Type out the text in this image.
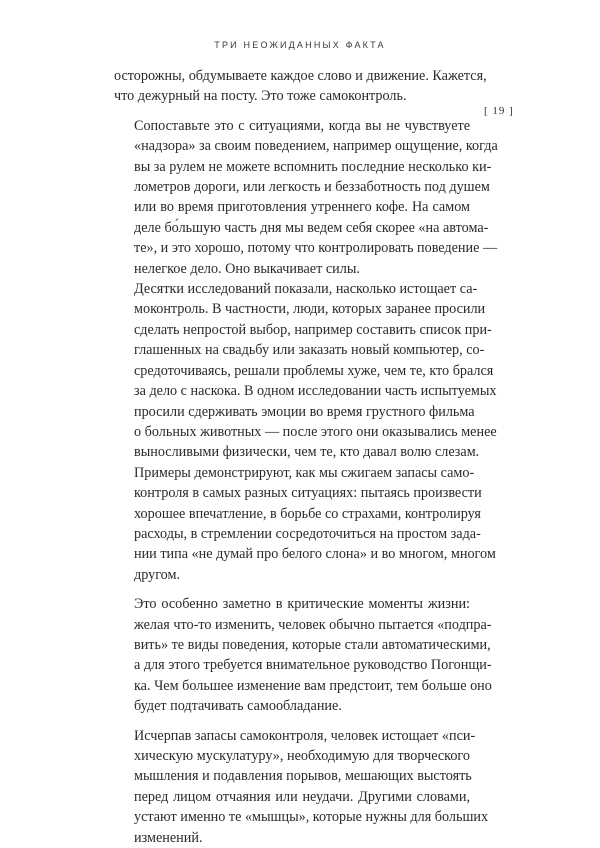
ТРИ НЕОЖИДАННЫХ ФАКТА
[ 19 ]

осторожны, обдумываете каждое слово и движение. Кажется,
что дежурный на посту. Это тоже самоконтроль.

Сопоставьте это с ситуациями, когда вы не чувствуете
«надзора» за своим поведением, например ощущение, когда
вы за рулем не можете вспомнить последние несколько ки-
лометров дороги, или легкость и беззаботность под душем
или во время приготовления утреннего кофе. На самом
деле бо́льшую часть дня мы ведем себя скорее «на автома-
те», и это хорошо, потому что контролировать поведение —
нелегкое дело. Оно выкачивает силы.

Десятки исследований показали, насколько истощает са-
моконтроль. В частности, люди, которых заранее просили
сделать непростой выбор, например составить список при-
глашенных на свадьбу или заказать новый компьютер, со-
средоточиваясь, решали проблемы хуже, чем те, кто брался
за дело с наскока. В одном исследовании часть испытуемых
просили сдерживать эмоции во время грустного фильма
о больных животных — после этого они оказывались менее
выносливыми физически, чем те, кто давал волю слезам.
Примеры демонстрируют, как мы сжигаем запасы само-
контроля в самых разных ситуациях: пытаясь произвести
хорошее впечатление, в борьбе со страхами, контролируя
расходы, в стремлении сосредоточиться на простом зада-
нии типа «не думай про белого слона» и во многом, многом
другом.

Это особенно заметно в критические моменты жизни:
желая что-то изменить, человек обычно пытается «подпра-
вить» те виды поведения, которые стали автоматическими,
а для этого требуется внимательное руководство Погонщи-
ка. Чем большее изменение вам предстоит, тем больше оно
будет подтачивать самообладание.

Исчерпав запасы самоконтроля, человек истощает «пси-
хическую мускулатуру», необходимую для творческого
мышления и подавления порывов, мешающих выстоять
перед лицом отчаяния или неудачи. Другими словами,
устают именно те «мышцы», которые нужны для больших
изменений.
